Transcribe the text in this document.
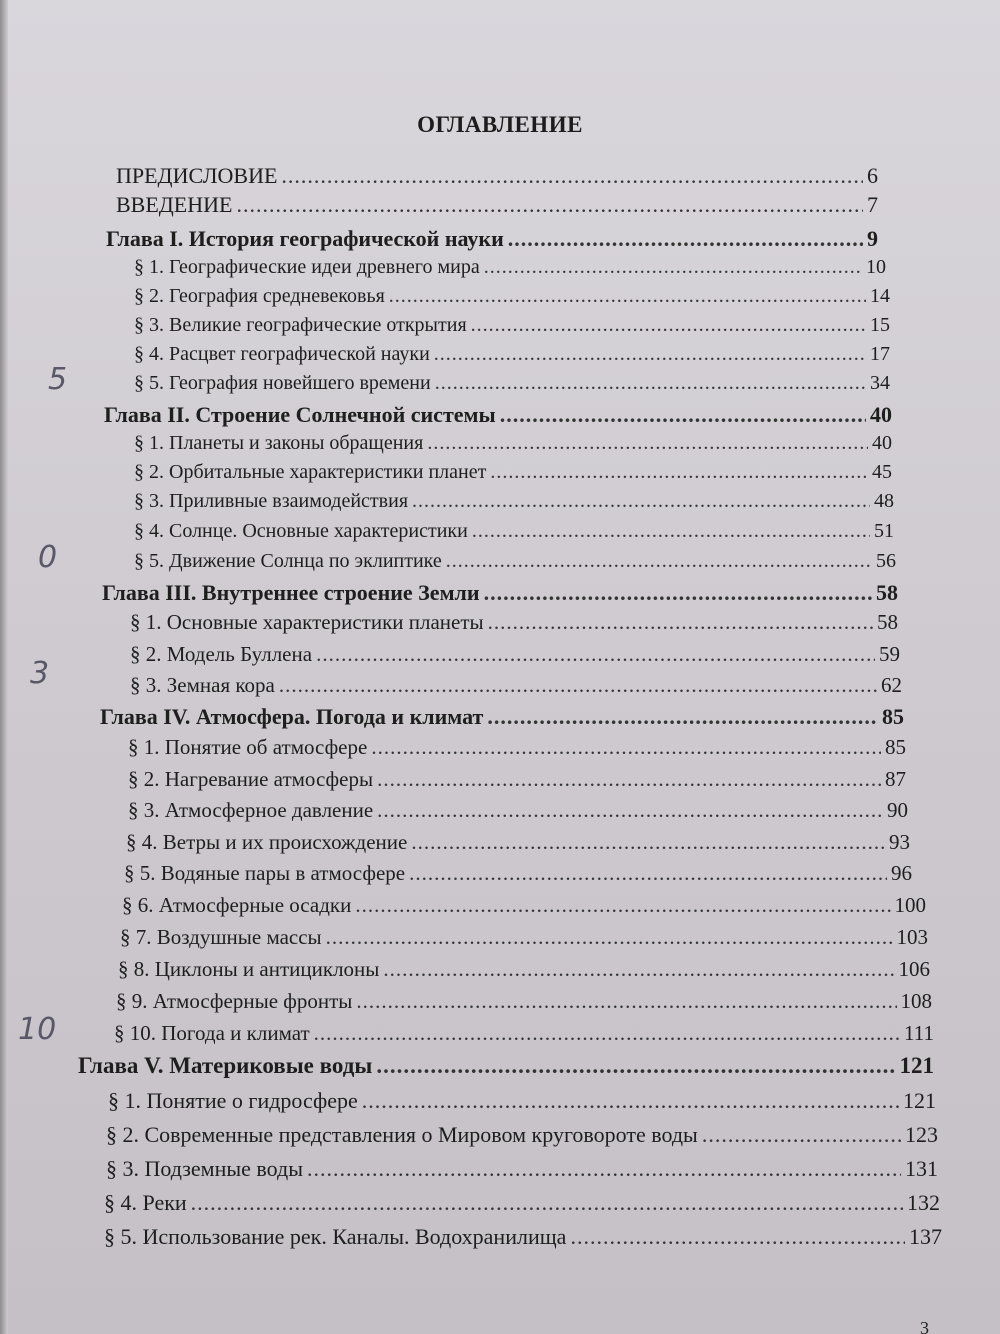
ОГЛАВЛЕНИЕ
ПРЕДИСЛОВИЕ .....	6
ВВЕДЕНИЕ .....	7
Глава I. История географической науки .....	9
§ 1. Географические идеи древнего мира .....	10
§ 2. География средневековья .....	14
§ 3. Великие географические открытия .....	15
§ 4. Расцвет географической науки .....	17
§ 5. География новейшего времени .....	34
Глава II. Строение Солнечной системы .....	40
§ 1. Планеты и законы обращения .....	40
§ 2. Орбитальные характеристики планет .....	45
§ 3. Приливные взаимодействия .....	48
§ 4. Солнце. Основные характеристики .....	51
§ 5. Движение Солнца по эклиптике .....	56
Глава III. Внутреннее строение Земли .....	58
§ 1. Основные характеристики планеты .....	58
§ 2. Модель Буллена .....	59
§ 3. Земная кора .....	62
Глава IV. Атмосфера. Погода и климат .....	85
§ 1. Понятие об атмосфере .....	85
§ 2. Нагревание атмосферы .....	87
§ 3. Атмосферное давление .....	90
§ 4. Ветры и их происхождение .....	93
§ 5. Водяные пары в атмосфере .....	96
§ 6. Атмосферные осадки .....	100
§ 7. Воздушные массы .....	103
§ 8. Циклоны и антициклоны .....	106
§ 9. Атмосферные фронты .....	108
§ 10. Погода и климат .....	111
Глава V. Материковые воды .....	121
§ 1. Понятие о гидросфере .....	121
§ 2. Современные представления о Мировом круговороте воды .....	123
§ 3. Подземные воды .....	131
§ 4. Реки .....	132
§ 5. Использование рек. Каналы. Водохранилища .....	137
5
0
3
10
3
